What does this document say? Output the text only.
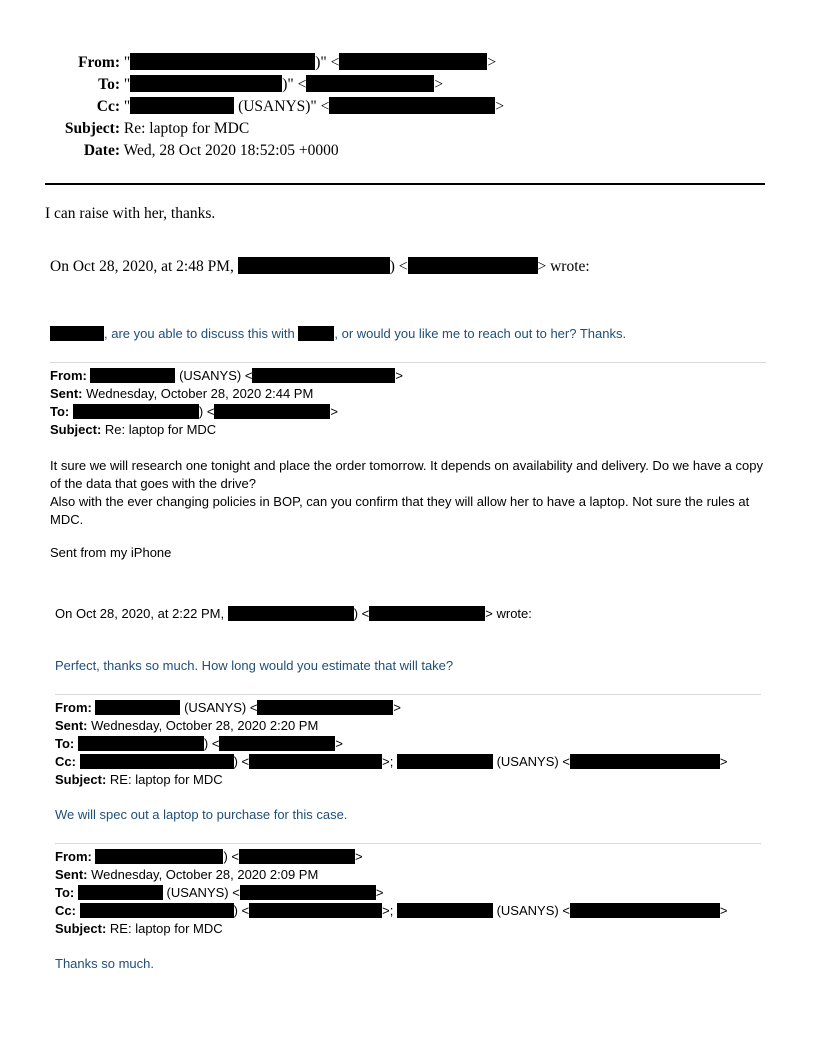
From: "	)" <	>
To: "	)" <	>
Cc: "	(USANYS)" <	>
Subject: Re: laptop for MDC
Date: Wed, 28 Oct 2020 18:52:05 +0000
I can raise with her, thanks.
On Oct 28, 2020, at 2:48 PM,	) <	> wrote:
, are you able to discuss this with	, or would you like me to reach out to her? Thanks.
From:	(USANYS) <	>
Sent: Wednesday, October 28, 2020 2:44 PM
To:	) <	>
Subject: Re: laptop for MDC
It sure we will research one tonight and place the order tomorrow. It depends on availability and delivery. Do we have a copy of the data that goes with the drive?
Also with the ever changing policies in BOP, can you confirm that they will allow her to have a laptop. Not sure the rules at MDC.
Sent from my iPhone
On Oct 28, 2020, at 2:22 PM,	) <	> wrote:
Perfect, thanks so much. How long would you estimate that will take?
From:	(USANYS) <	>
Sent: Wednesday, October 28, 2020 2:20 PM
To:	) <	>
Cc:	) <	>;	(USANYS) <	>
Subject: RE: laptop for MDC
We will spec out a laptop to purchase for this case.
From:	) <	>
Sent: Wednesday, October 28, 2020 2:09 PM
To:	(USANYS) <	>
Cc:	) <	>;	(USANYS) <	>
Subject: RE: laptop for MDC
Thanks so much.
